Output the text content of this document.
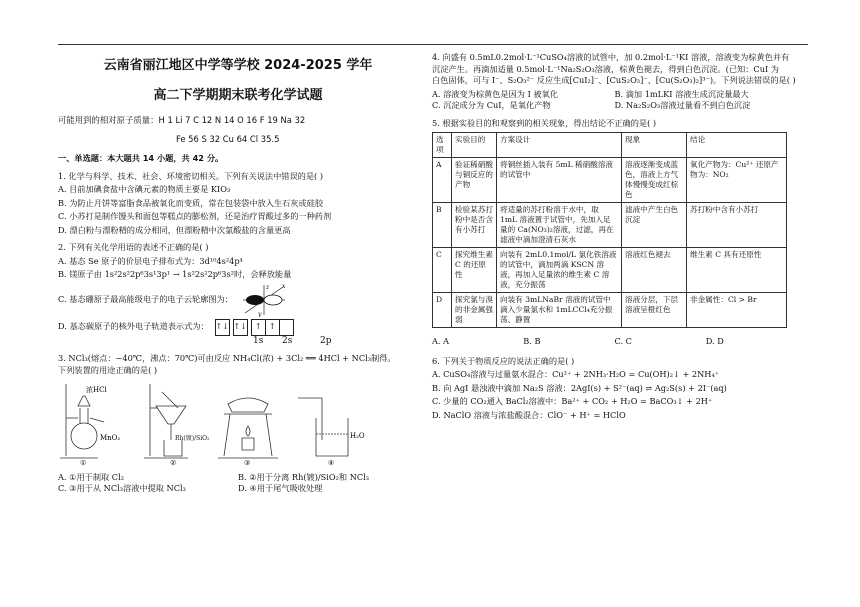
云南省丽江地区中学等学校 2024-2025 学年
高二下学期期末联考化学试题
可能用到的相对原子质量：H 1 Li 7 C 12 N 14 O 16 F 19 Na 32
Fe 56 S 32 Cu 64 Cl 35.5
一、单选题：本大题共 14 小题，共 42 分。

1. 化学与科学、技术、社会、环境密切相关。下列有关说法中错误的是( )

A. 目前加碘食盐中含碘元素的物质主要是 KIO₃

B. 为防止月饼等富脂食品被氧化而变质，常在包装袋中放入生石灰或硅胶

C. 小苏打是制作馒头和面包等糕点的膨松剂，还是治疗胃酸过多的一种药剂

D. 漂白粉与漂粉精的成分相同，但漂粉精中次氯酸盐的含量更高

2. 下列有关化学用语的表述不正确的是( )

A. 基态 Se 原子的价层电子排布式为：3d¹⁰4s²4p⁴

B. 镁原子由 1s²2s²2p⁶3s¹3p¹ → 1s²2s²2p⁶3s²时，会释放能量

C. 基态硼原子最高能级电子的电子云轮廓图为：
x
y
z
D. 基态碳原子的核外电子轨道表示式为： ↑↓ ↑↓ ↑ ↑
1s	2s	2p

3. NCl₃(熔点：−40℃，沸点：70℃)可由反应 NH₄Cl(浓) + 3Cl₂ ══ 4HCl + NCl₃制得。

下列装置的用途正确的是( )

浓HCl
MnO₂
①	②	③
H₂O
④
A. ①用于制取 Cl₂	B. ②用于分离 Rh(镀)/SiO₂和 NCl₃
C. ③用于从 NCl₃溶液中提取 NCl₃	D. ④用于尾气吸收处理

4. 向盛有 0.5mL0.2mol·L⁻¹CuSO₄溶液的试管中，加 0.2mol·L⁻¹KI 溶液，溶液变为棕黄色并有

沉淀产生。再滴加适量 0.5mol·L⁻¹Na₂S₂O₃溶液，棕黄色褪去，得到白色沉淀。(已知：CuI 为

白色固体，可与 I⁻、S₂O₃²⁻ 反应生成[CuI₂]⁻、[CuS₂O₃]⁻、[Cu(S₂O₃)₂]³⁻)。下列说法错误的是( )

A. 溶液变为棕黄色是因为 I 被氧化	B. 滴加 1mLKI 溶液生成沉淀量最大
C. 沉淀成分为 CuI，是氧化产物	D. Na₂S₂O₃溶液过量看不到白色沉淀

5. 根据实验目的和观察到的相关现象，得出结论不正确的是( )

选项	实验目的	方案设计	现象	结论
A	验证稀硝酸与铜反应的产物	将铜丝插入装有 5mL 稀硝酸溶液的试管中	溶液逐渐变成蓝色，溶液上方气体慢慢变成红棕色	氧化产物为：Cu²⁺ 还原产物为：NO₂
B	检验某苏打粉中是否含有小苏打	将适量的苏打粉溶于水中，取 1mL 溶液置于试管中，先加入足量的 Ca(NO₃)₂溶液，过滤，再在滤液中滴加澄清石灰水	滤液中产生白色沉淀	苏打粉中含有小苏打
C	探究维生素 C 的还原性	向装有 2mL0.1mol/L 氯化铁溶液的试管中，滴加两滴 KSCN 溶液，再加入足量浓的维生素 C 溶液，充分振荡	溶液红色褪去	维生素 C 具有还原性
D	探究氯与溴的非金属强弱	向装有 3mLNaBr 溶液的试管中滴入少量氯水和 1mLCCl₄充分振荡、静置	溶液分层，下层溶液呈橙红色	非金属性：Cl > Br
A. A	B. B	C. C	D. D

6. 下列关于物质反应的说法正确的是( )

A. CuSO₄溶液与过量氨水混合：Cu²⁺ + 2NH₃·H₂O = Cu(OH)₂↓ + 2NH₄⁺

B. 向 AgI 悬浊液中滴加 Na₂S 溶液：2AgI(s) + S²⁻(aq) ⇌ Ag₂S(s) + 2I⁻(aq)

C. 少量的 CO₂通入 BaCl₂溶液中：Ba²⁺ + CO₂ + H₂O = BaCO₃↓ + 2H⁺

D. NaClO 溶液与浓盐酸混合：ClO⁻ + H⁺ = HClO

Rh(镀)/SiO₂
